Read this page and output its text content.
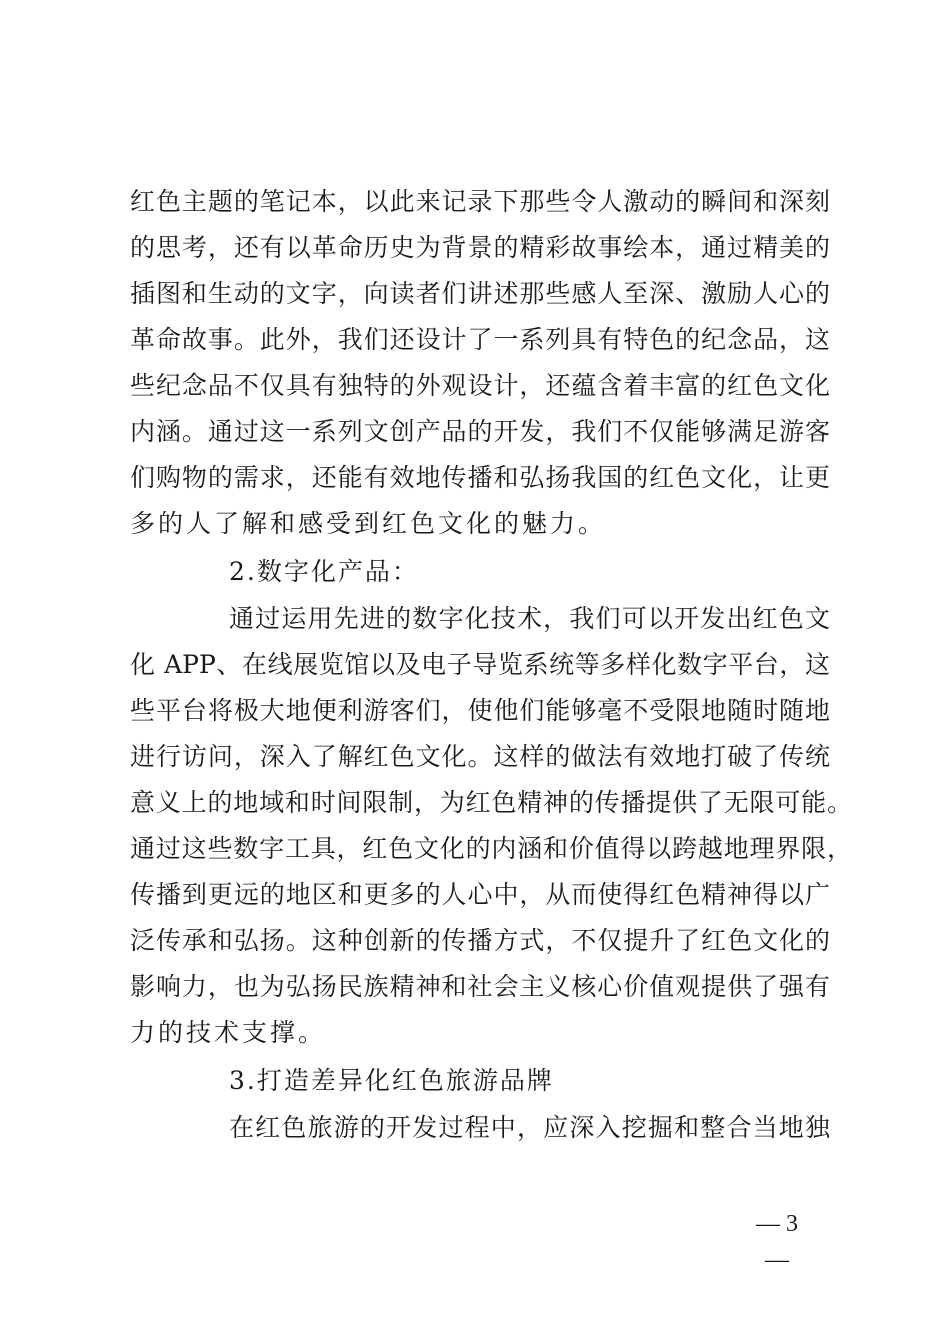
红色主题的笔记本，以此来记录下那些令人激动的瞬间和深刻
的思考，还有以革命历史为背景的精彩故事绘本，通过精美的
插图和生动的文字，向读者们讲述那些感人至深、激励人心的
革命故事。此外，我们还设计了一系列具有特色的纪念品，这
些纪念品不仅具有独特的外观设计，还蕴含着丰富的红色文化
内涵。通过这一系列文创产品的开发，我们不仅能够满足游客
们购物的需求，还能有效地传播和弘扬我国的红色文化，让更
多的人了解和感受到红色文化的魅力。
2.数字化产品：
通过运用先进的数字化技术，我们可以开发出红色文
化 APP、在线展览馆以及电子导览系统等多样化数字平台，这
些平台将极大地便利游客们，使他们能够毫不受限地随时随地
进行访问，深入了解红色文化。这样的做法有效地打破了传统
意义上的地域和时间限制，为红色精神的传播提供了无限可能。
通过这些数字工具，红色文化的内涵和价值得以跨越地理界限，
传播到更远的地区和更多的人心中，从而使得红色精神得以广
泛传承和弘扬。这种创新的传播方式，不仅提升了红色文化的
影响力，也为弘扬民族精神和社会主义核心价值观提供了强有
力的技术支撑。
3.打造差异化红色旅游品牌
在红色旅游的开发过程中，应深入挖掘和整合当地独
— 3 —
